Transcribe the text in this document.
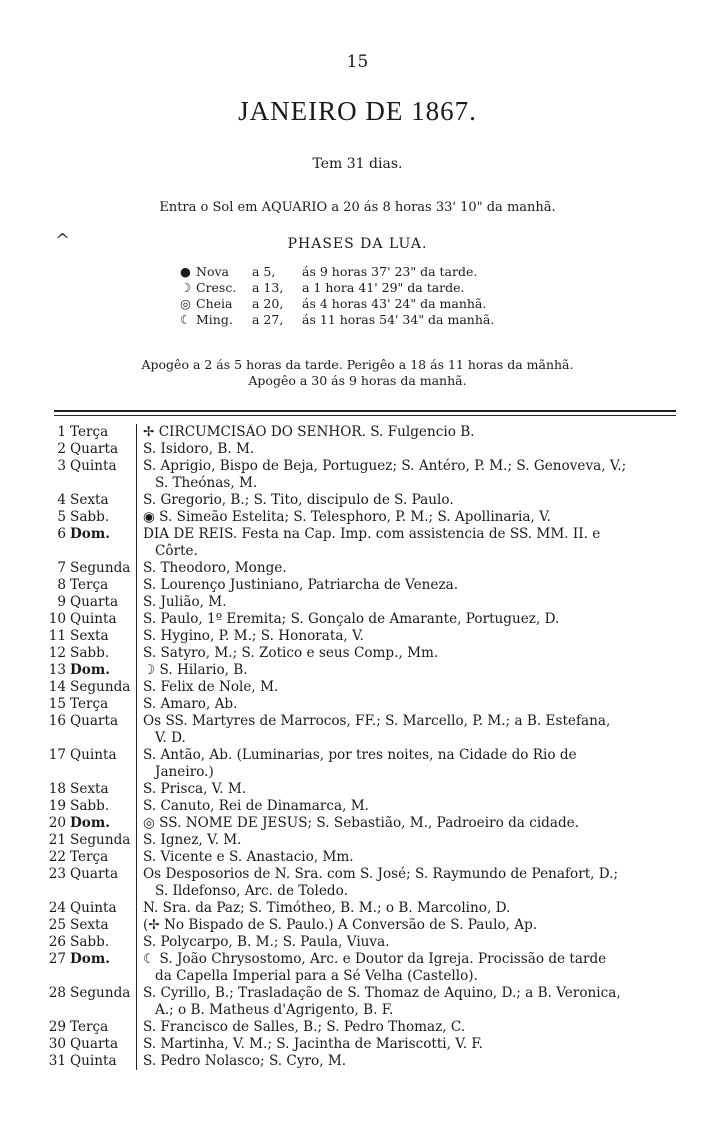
15
JANEIRO DE 1867.
Tem 31 dias.
Entra o Sol em AQUARIO a 20 ás 8 horas 33' 10" da manhã.
^	PHASES DA LUA.
● Nova	a 5,	ás 9 horas 37' 23" da tarde.
☽ Cresc.	a 13,	a 1 hora 41' 29" da tarde.
◎ Cheia	a 20,	ás 4 horas 43' 24" da manhã.
☾ Ming.	a 27,	ás 11 horas 54' 34" da manhã.
Apogêo a 2 ás 5 horas da tarde. Perigêo a 18 ás 11 horas da mãnhã.
Apogêo a 30 ás 9 horas da manhã.
1 Terça	✢ CIRCUMCISÃO DO SENHOR. S. Fulgencio B.
2 Quarta S. Isidoro, B. M.
3 Quinta S. Aprigio, Bispo de Beja, Portuguez; S. Antéro, P. M.; S. Genoveva, V.;
S. Theónas, M.
4 Sexta	S. Gregorio, B.; S. Tito, discipulo de S. Paulo.
5 Sabb. ◉ S. Simeão Estelita; S. Telesphoro, P. M.; S. Apollinaria, V.
6 Dom. DIA DE REIS. Festa na Cap. Imp. com assistencia de SS. MM. II. e
Côrte.
7 Segunda S. Theodoro, Monge.
8 Terça	S. Lourenço Justiniano, Patriarcha de Veneza.
9 Quarta S. Julião, M.
10 Quinta S. Paulo, 1º Eremita; S. Gonçalo de Amarante, Portuguez, D.
11 Sexta	S. Hygino, P. M.; S. Honorata, V.
12 Sabb. S. Satyro, M.; S. Zotico e seus Comp., Mm.
13 Dom. ☽ S. Hilario, B.
14 Segunda S. Felix de Nole, M.
15 Terça	S. Amaro, Ab.
16 Quarta Os SS. Martyres de Marrocos, FF.; S. Marcello, P. M.; a B. Estefana,
V. D.
17 Quinta S. Antão, Ab. (Luminarias, por tres noites, na Cidade do Rio de
Janeiro.)
18 Sexta	S. Prisca, V. M.
19 Sabb. S. Canuto, Rei de Dinamarca, M.
20 Dom. ◎ SS. NOME DE JESUS; S. Sebastião, M., Padroeiro da cidade.
21 Segunda S. Ignez, V. M.
22 Terça	S. Vicente e S. Anastacio, Mm.
23 Quarta Os Desposorios de N. Sra. com S. José; S. Raymundo de Penafort, D.;
S. Ildefonso, Arc. de Toledo.
24 Quinta N. Sra. da Paz; S. Timótheo, B. M.; o B. Marcolino, D.
25 Sexta	(✢ No Bispado de S. Paulo.) A Conversão de S. Paulo, Ap.
26 Sabb. S. Polycarpo, B. M.; S. Paula, Viuva.
27 Dom. ☾ S. João Chrysostomo, Arc. e Doutor da Igreja. Procissão de tarde
da Capella Imperial para a Sé Velha (Castello).
28 Segunda S. Cyrillo, B.; Trasladação de S. Thomaz de Aquino, D.; a B. Veronica,
A.; o B. Matheus d'Agrigento, B. F.
29 Terça	S. Francisco de Salles, B.; S. Pedro Thomaz, C.
30 Quarta S. Martinha, V. M.; S. Jacintha de Mariscotti, V. F.
31 Quinta S. Pedro Nolasco; S. Cyro, M.
